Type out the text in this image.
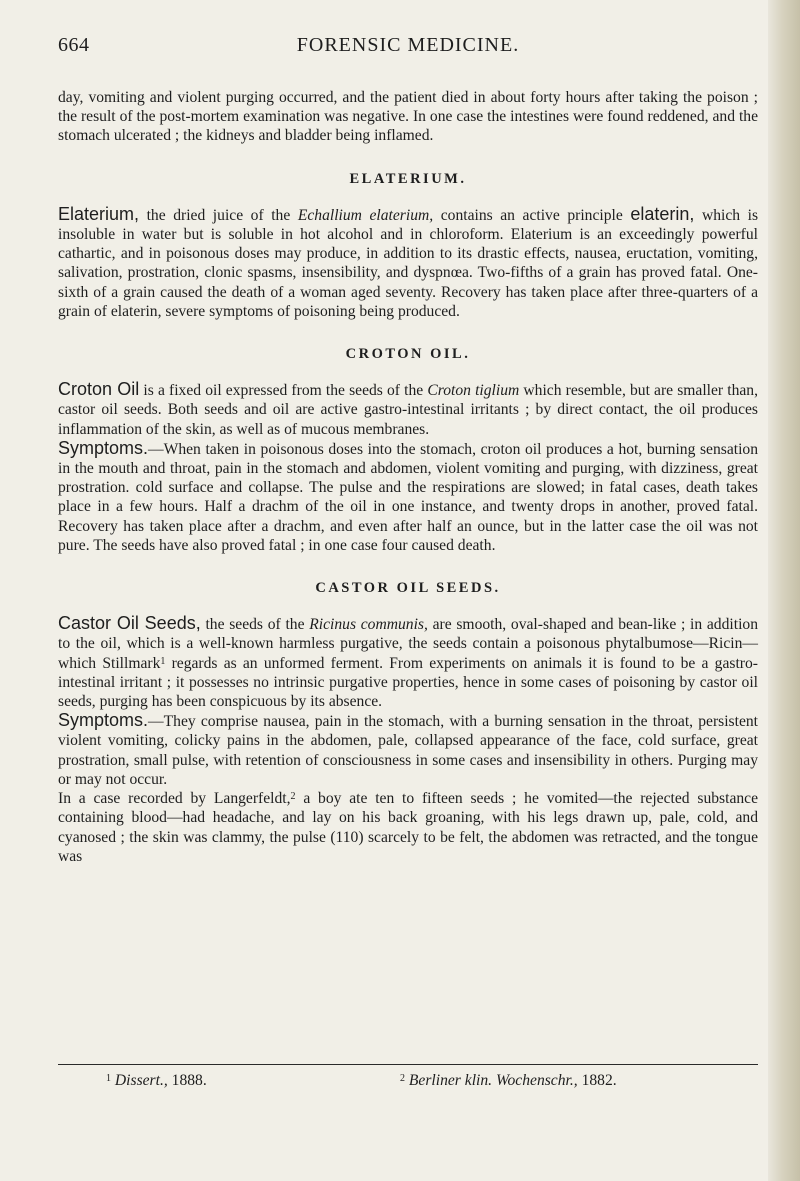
664	FORENSIC MEDICINE.

day, vomiting and violent purging occurred, and the patient died in about forty hours after taking the poison ; the result of the post-mortem examination was negative. In one case the intestines were found reddened, and the stomach ulcerated ; the kidneys and bladder being inflamed.

ELATERIUM.

Elaterium, the dried juice of the Echallium elaterium, contains an active principle elaterin, which is insoluble in water but is soluble in hot alcohol and in chloroform. Elaterium is an exceedingly powerful cathartic, and in poisonous doses may produce, in addition to its drastic effects, nausea, eructation, vomiting, salivation, prostration, clonic spasms, insensibility, and dyspnœa. Two-fifths of a grain has proved fatal. One-sixth of a grain caused the death of a woman aged seventy. Recovery has taken place after three-quarters of a grain of elaterin, severe symptoms of poisoning being produced.

CROTON OIL.

Croton Oil is a fixed oil expressed from the seeds of the Croton tiglium which resemble, but are smaller than, castor oil seeds. Both seeds and oil are active gastro-intestinal irritants ; by direct contact, the oil produces inflammation of the skin, as well as of mucous membranes.

Symptoms.—When taken in poisonous doses into the stomach, croton oil produces a hot, burning sensation in the mouth and throat, pain in the stomach and abdomen, violent vomiting and purging, with dizziness, great prostration. cold surface and collapse. The pulse and the respirations are slowed; in fatal cases, death takes place in a few hours. Half a drachm of the oil in one instance, and twenty drops in another, proved fatal. Recovery has taken place after a drachm, and even after half an ounce, but in the latter case the oil was not pure. The seeds have also proved fatal ; in one case four caused death.

CASTOR OIL SEEDS.

Castor Oil Seeds, the seeds of the Ricinus communis, are smooth, oval-shaped and bean-like ; in addition to the oil, which is a well-known harmless purgative, the seeds contain a poisonous phytalbumose—Ricin—which Stillmark$^1$ regards as an unformed ferment. From experiments on animals it is found to be a gastro-intestinal irritant ; it possesses no intrinsic purgative properties, hence in some cases of poisoning by castor oil seeds, purging has been conspicuous by its absence.

Symptoms.—They comprise nausea, pain in the stomach, with a burning sensation in the throat, persistent violent vomiting, colicky pains in the abdomen, pale, collapsed appearance of the face, cold surface, great prostration, small pulse, with retention of consciousness in some cases and insensibility in others. Purging may or may not occur.

In a case recorded by Langerfeldt,$^2$ a boy ate ten to fifteen seeds ; he vomited—the rejected substance containing blood—had headache, and lay on his back groaning, with his legs drawn up, pale, cold, and cyanosed ; the skin was clammy, the pulse (110) scarcely to be felt, the abdomen was retracted, and the tongue was

$^1$ Dissert., 1888.	$^2$ Berliner klin. Wochenschr., 1882.
